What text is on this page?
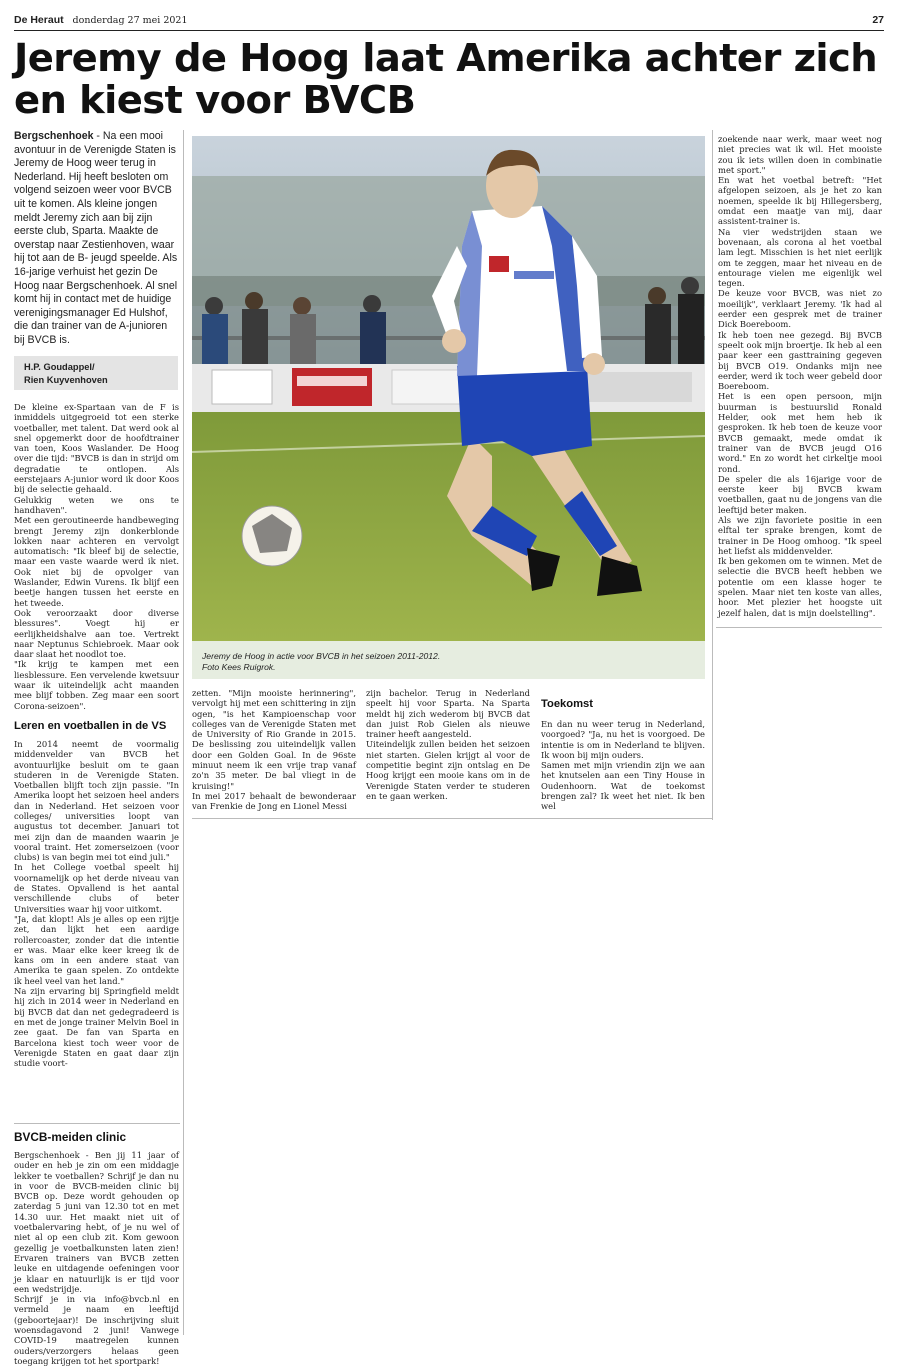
De Heraut donderdag 27 mei 2021	27
Jeremy de Hoog laat Amerika achter zich en kiest voor BVCB

Bergschenhoek - Na een mooi avontuur in de Verenigde Staten is Jeremy de Hoog weer terug in Nederland. Hij heeft besloten om volgend seizoen weer voor BVCB uit te komen. Als kleine jongen meldt Jeremy zich aan bij zijn eerste club, Sparta. Maakte de overstap naar Zestienhoven, waar hij tot aan de B- jeugd speelde. Als 16-jarige verhuist het gezin De Hoog naar Bergschenhoek. Al snel komt hij in contact met de huidige verenigingsmanager Ed Hulshof, die dan trainer van de A-junioren bij BVCB is.

H.P. Goudappel/
Rien Kuyvenhoven

De kleine ex-Spartaan van de F is inmiddels uitgegroeid tot een sterke voetballer, met talent. Dat werd ook al snel opgemerkt door de hoofdtrainer van toen, Koos Waslander. De Hoog over die tijd: "BVCB is dan in strijd om degradatie te ontlopen. Als eerstejaars A-junior word ik door Koos bij de selectie gehaald.

Gelukkig weten we ons te handhaven".

Met een geroutineerde handbeweging brengt Jeremy zijn donkerblonde lokken naar achteren en vervolgt automatisch: "Ik bleef bij de selectie, maar een vaste waarde werd ik niet. Ook niet bij de opvolger van Waslander, Edwin Vurens. Ik blijf een beetje hangen tussen het eerste en het tweede.

Ook veroorzaakt door diverse blessures". Voegt hij er eerlijkheidshalve aan toe. Vertrekt naar Neptunus Schiebroek. Maar ook daar slaat het noodlot toe.

"Ik krijg te kampen met een liesblessure. Een vervelende kwetsuur waar ik uiteindelijk acht maanden mee blijf tobben. Zeg maar een soort Corona-seizoen".

Leren en voetballen in de VS

In 2014 neemt de voormalig middenvelder van BVCB het avontuurlijke besluit om te gaan studeren in de Verenigde Staten. Voetballen blijft toch zijn passie. "In Amerika loopt het seizoen heel anders dan in Nederland. Het seizoen voor colleges/ universities loopt van augustus tot december. Januari tot mei zijn dan de maanden waarin je vooral traint. Het zomerseizoen (voor clubs) is van begin mei tot eind juli."

In het College voetbal speelt hij voornamelijk op het derde niveau van de States. Opvallend is het aantal verschillende clubs of beter Universities waar hij voor uitkomt.

"Ja, dat klopt! Als je alles op een rijtje zet, dan lijkt het een aardige rollercoaster, zonder dat die intentie er was. Maar elke keer kreeg ik de kans om in een andere staat van Amerika te gaan spelen. Zo ontdekte ik heel veel van het land."

Na zijn ervaring bij Springfield meldt hij zich in 2014 weer in Nederland en bij BVCB dat dan net gedegradeerd is en met de jonge trainer Melvin Boel in zee gaat. De fan van Sparta en Barcelona kiest toch weer voor de Verenigde Staten en gaat daar zijn studie voort-

BVCB-meiden clinic

Bergschenhoek - Ben jij 11 jaar of ouder en heb je zin om een middagje lekker te voetballen? Schrijf je dan nu in voor de BVCB-meiden clinic bij BVCB op. Deze wordt gehouden op zaterdag 5 juni van 12.30 tot en met 14.30 uur. Het maakt niet uit of voetbalervaring hebt, of je nu wel of niet al op een club zit. Kom gewoon gezellig je voetbalkunsten laten zien! Ervaren trainers van BVCB zetten leuke en uitdagende oefeningen voor je klaar en natuurlijk is er tijd voor een wedstrijdje.

Schrijf je in via info@bvcb.nl en vermeld je naam en leeftijd (geboortejaar)! De inschrijving sluit woensdagavond 2 juni! Vanwege COVID-19 maatregelen kunnen ouders/verzorgers helaas geen toegang krijgen tot het sportpark!

Jeremy de Hoog in actie voor BVCB in het seizoen 2011-2012.
Foto Kees Ruigrok.

zetten. "Mijn mooiste herinnering", vervolgt hij met een schittering in zijn ogen, "is het Kampioenschap voor colleges van de Verenigde Staten met de University of Rio Grande in 2015. De beslissing zou uiteindelijk vallen door een Golden Goal. In de 96ste minuut neem ik een vrije trap vanaf zo'n 35 meter. De bal vliegt in de kruising!"

In mei 2017 behaalt de bewonderaar van Frenkie de Jong en Lionel Messi

zijn bachelor. Terug in Nederland speelt hij voor Sparta. Na Sparta meldt hij zich wederom bij BVCB dat dan juist Rob Gielen als nieuwe trainer heeft aangesteld.

Uiteindelijk zullen beiden het seizoen niet starten. Gielen krijgt al voor de competitie begint zijn ontslag en De Hoog krijgt een mooie kans om in de Verenigde Staten verder te studeren en te gaan werken.

Toekomst

En dan nu weer terug in Nederland, voorgoed? "Ja, nu het is voorgoed. De intentie is om in Nederland te blijven. Ik woon bij mijn ouders.

Samen met mijn vriendin zijn we aan het knutselen aan een Tiny House in Oudenhoorn. Wat de toekomst brengen zal? Ik weet het niet. Ik ben wel

zoekende naar werk, maar weet nog niet precies wat ik wil. Het mooiste zou ik iets willen doen in combinatie met sport."

En wat het voetbal betreft: "Het afgelopen seizoen, als je het zo kan noemen, speelde ik bij Hillegersberg, omdat een maatje van mij, daar assistent-trainer is.

Na vier wedstrijden staan we bovenaan, als corona al het voetbal lam legt. Misschien is het niet eerlijk om te zeggen, maar het niveau en de entourage vielen me eigenlijk wel tegen.

De keuze voor BVCB, was niet zo moeilijk", verklaart Jeremy. 'Ik had al eerder een gesprek met de trainer Dick Boereboom.

Ik heb toen nee gezegd. Bij BVCB speelt ook mijn broertje. Ik heb al een paar keer een gasttraining gegeven bij BVCB O19. Ondanks mijn nee eerder, werd ik toch weer gebeld door Boereboom.

Het is een open persoon, mijn buurman is bestuurslid Ronald Helder, ook met hem heb ik gesproken. Ik heb toen de keuze voor BVCB gemaakt, mede omdat ik trainer van de BVCB jeugd O16 word." En zo wordt het cirkeltje mooi rond.

De speler die als 16jarige voor de eerste keer bij BVCB kwam voetballen, gaat nu de jongens van die leeftijd beter maken.

Als we zijn favoriete positie in een elftal ter sprake brengen, komt de trainer in De Hoog omhoog. "Ik speel het liefst als middenvelder.

Ik ben gekomen om te winnen. Met de selectie die BVCB heeft hebben we potentie om een klasse hoger te spelen. Maar niet ten koste van alles, hoor. Met plezier het hoogste uit jezelf halen, dat is mijn doelstelling".
